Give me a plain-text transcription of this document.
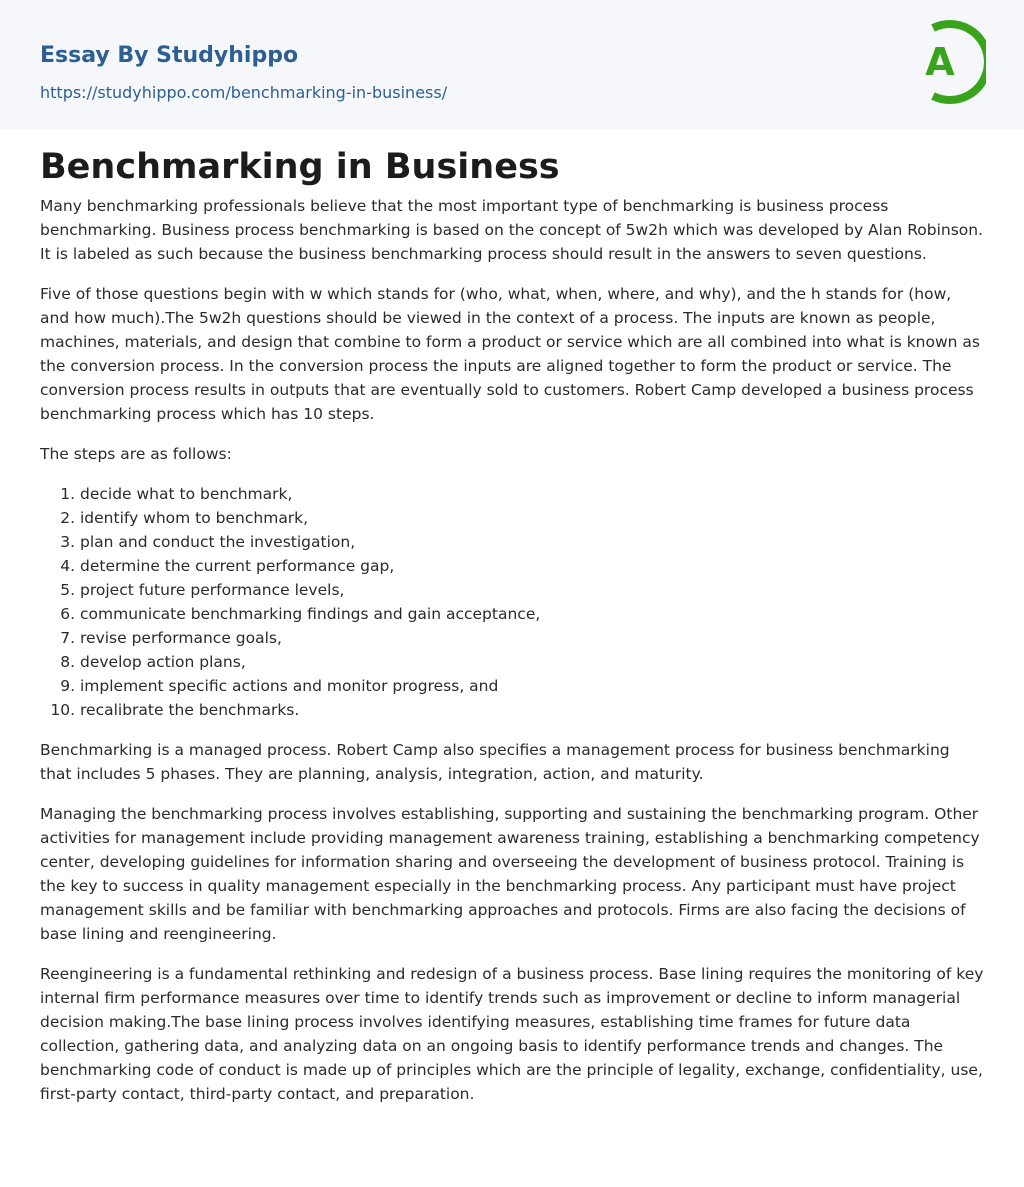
Essay By Studyhippo
https://studyhippo.com/benchmarking-in-business/
A
Benchmarking in Business

Many benchmarking professionals believe that the most important type of benchmarking is business process benchmarking. Business process benchmarking is based on the concept of 5w2h which was developed by Alan Robinson. It is labeled as such because the business benchmarking process should result in the answers to seven questions.

Five of those questions begin with w which stands for (who, what, when, where, and why), and the h stands for (how, and how much).The 5w2h questions should be viewed in the context of a process. The inputs are known as people, machines, materials, and design that combine to form a product or service which are all combined into what is known as the conversion process. In the conversion process the inputs are aligned together to form the product or service. The conversion process results in outputs that are eventually sold to customers. Robert Camp developed a business process benchmarking process which has 10 steps.

The steps are as follows:

1. decide what to benchmark,
2. identify whom to benchmark,
3. plan and conduct the investigation,
4. determine the current performance gap,
5. project future performance levels,
6. communicate benchmarking findings and gain acceptance,
7. revise performance goals,
8. develop action plans,
9. implement specific actions and monitor progress, and
10. recalibrate the benchmarks.

Benchmarking is a managed process. Robert Camp also specifies a management process for business benchmarking that includes 5 phases. They are planning, analysis, integration, action, and maturity.

Managing the benchmarking process involves establishing, supporting and sustaining the benchmarking program. Other activities for management include providing management awareness training, establishing a benchmarking competency center, developing guidelines for information sharing and overseeing the development of business protocol. Training is the key to success in quality management especially in the benchmarking process. Any participant must have project management skills and be familiar with benchmarking approaches and protocols. Firms are also facing the decisions of base lining and reengineering.

Reengineering is a fundamental rethinking and redesign of a business process. Base lining requires the monitoring of key internal firm performance measures over time to identify trends such as improvement or decline to inform managerial decision making.The base lining process involves identifying measures, establishing time frames for future data collection, gathering data, and analyzing data on an ongoing basis to identify performance trends and changes. The benchmarking code of conduct is made up of principles which are the principle of legality, exchange, confidentiality, use, first-party contact, third-party contact, and preparation.
